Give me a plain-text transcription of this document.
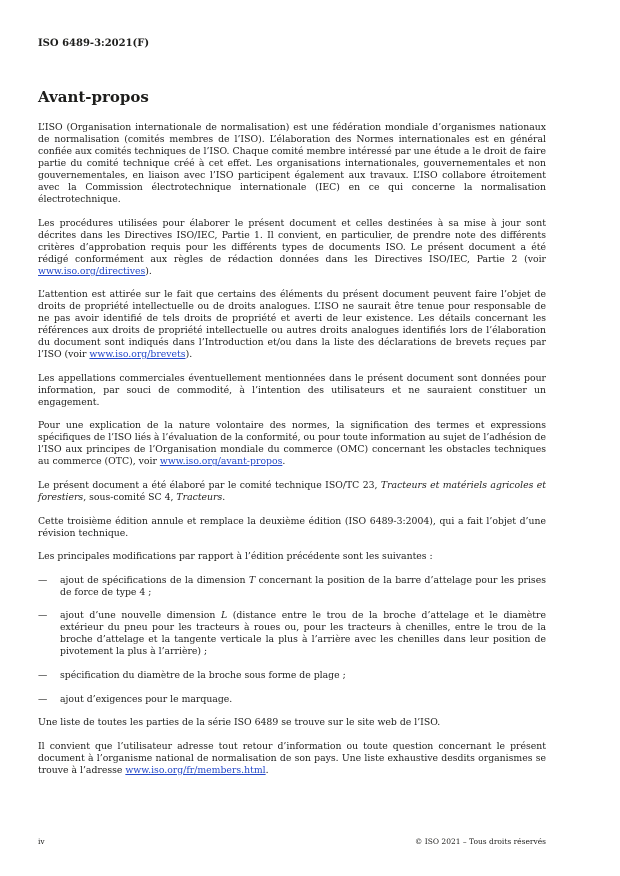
ISO 6489-3:2021(F)
Avant-propos

L’ISO (Organisation internationale de normalisation) est une fédération mondiale d’organismes nationaux de normalisation (comités membres de l’ISO). L’élaboration des Normes internationales est en général confiée aux comités techniques de l’ISO. Chaque comité membre intéressé par une étude a le droit de faire partie du comité technique créé à cet effet. Les organisations internationales, gouvernementales et non gouvernementales, en liaison avec l’ISO participent également aux travaux. L’ISO collabore étroitement avec la Commission électrotechnique internationale (IEC) en ce qui concerne la normalisation électrotechnique.

Les procédures utilisées pour élaborer le présent document et celles destinées à sa mise à jour sont décrites dans les Directives ISO/IEC, Partie 1. Il convient, en particulier, de prendre note des différents critères d’approbation requis pour les différents types de documents ISO. Le présent document a été rédigé conformément aux règles de rédaction données dans les Directives ISO/IEC, Partie 2 (voir www.iso.org/directives).

L’attention est attirée sur le fait que certains des éléments du présent document peuvent faire l’objet de droits de propriété intellectuelle ou de droits analogues. L’ISO ne saurait être tenue pour responsable de ne pas avoir identifié de tels droits de propriété et averti de leur existence. Les détails concernant les références aux droits de propriété intellectuelle ou autres droits analogues identifiés lors de l’élaboration du document sont indiqués dans l’Introduction et/ou dans la liste des déclarations de brevets reçues par l’ISO (voir www.iso.org/brevets).

Les appellations commerciales éventuellement mentionnées dans le présent document sont données pour information, par souci de commodité, à l’intention des utilisateurs et ne sauraient constituer un engagement.

Pour une explication de la nature volontaire des normes, la signification des termes et expressions spécifiques de l’ISO liés à l’évaluation de la conformité, ou pour toute information au sujet de l’adhésion de l’ISO aux principes de l’Organisation mondiale du commerce (OMC) concernant les obstacles techniques au commerce (OTC), voir www.iso.org/avant-propos.

Le présent document a été élaboré par le comité technique ISO/TC 23, Tracteurs et matériels agricoles et forestiers, sous-comité SC 4, Tracteurs.

Cette troisième édition annule et remplace la deuxième édition (ISO 6489-3:2004), qui a fait l’objet d’une révision technique.

Les principales modifications par rapport à l’édition précédente sont les suivantes :

— ajout de spécifications de la dimension T concernant la position de la barre d’attelage pour les prises de force de type 4 ;
— ajout d’une nouvelle dimension L (distance entre le trou de la broche d’attelage et le diamètre extérieur du pneu pour les tracteurs à roues ou, pour les tracteurs à chenilles, entre le trou de la broche d’attelage et la tangente verticale la plus à l’arrière avec les chenilles dans leur position de pivotement la plus à l’arrière) ;
— spécification du diamètre de la broche sous forme de plage ;
— ajout d’exigences pour le marquage.

Une liste de toutes les parties de la série ISO 6489 se trouve sur le site web de l’ISO.

Il convient que l’utilisateur adresse tout retour d’information ou toute question concernant le présent document à l’organisme national de normalisation de son pays. Une liste exhaustive desdits organismes se trouve à l’adresse www.iso.org/fr/members.html.

iv	© ISO 2021 – Tous droits réservés
